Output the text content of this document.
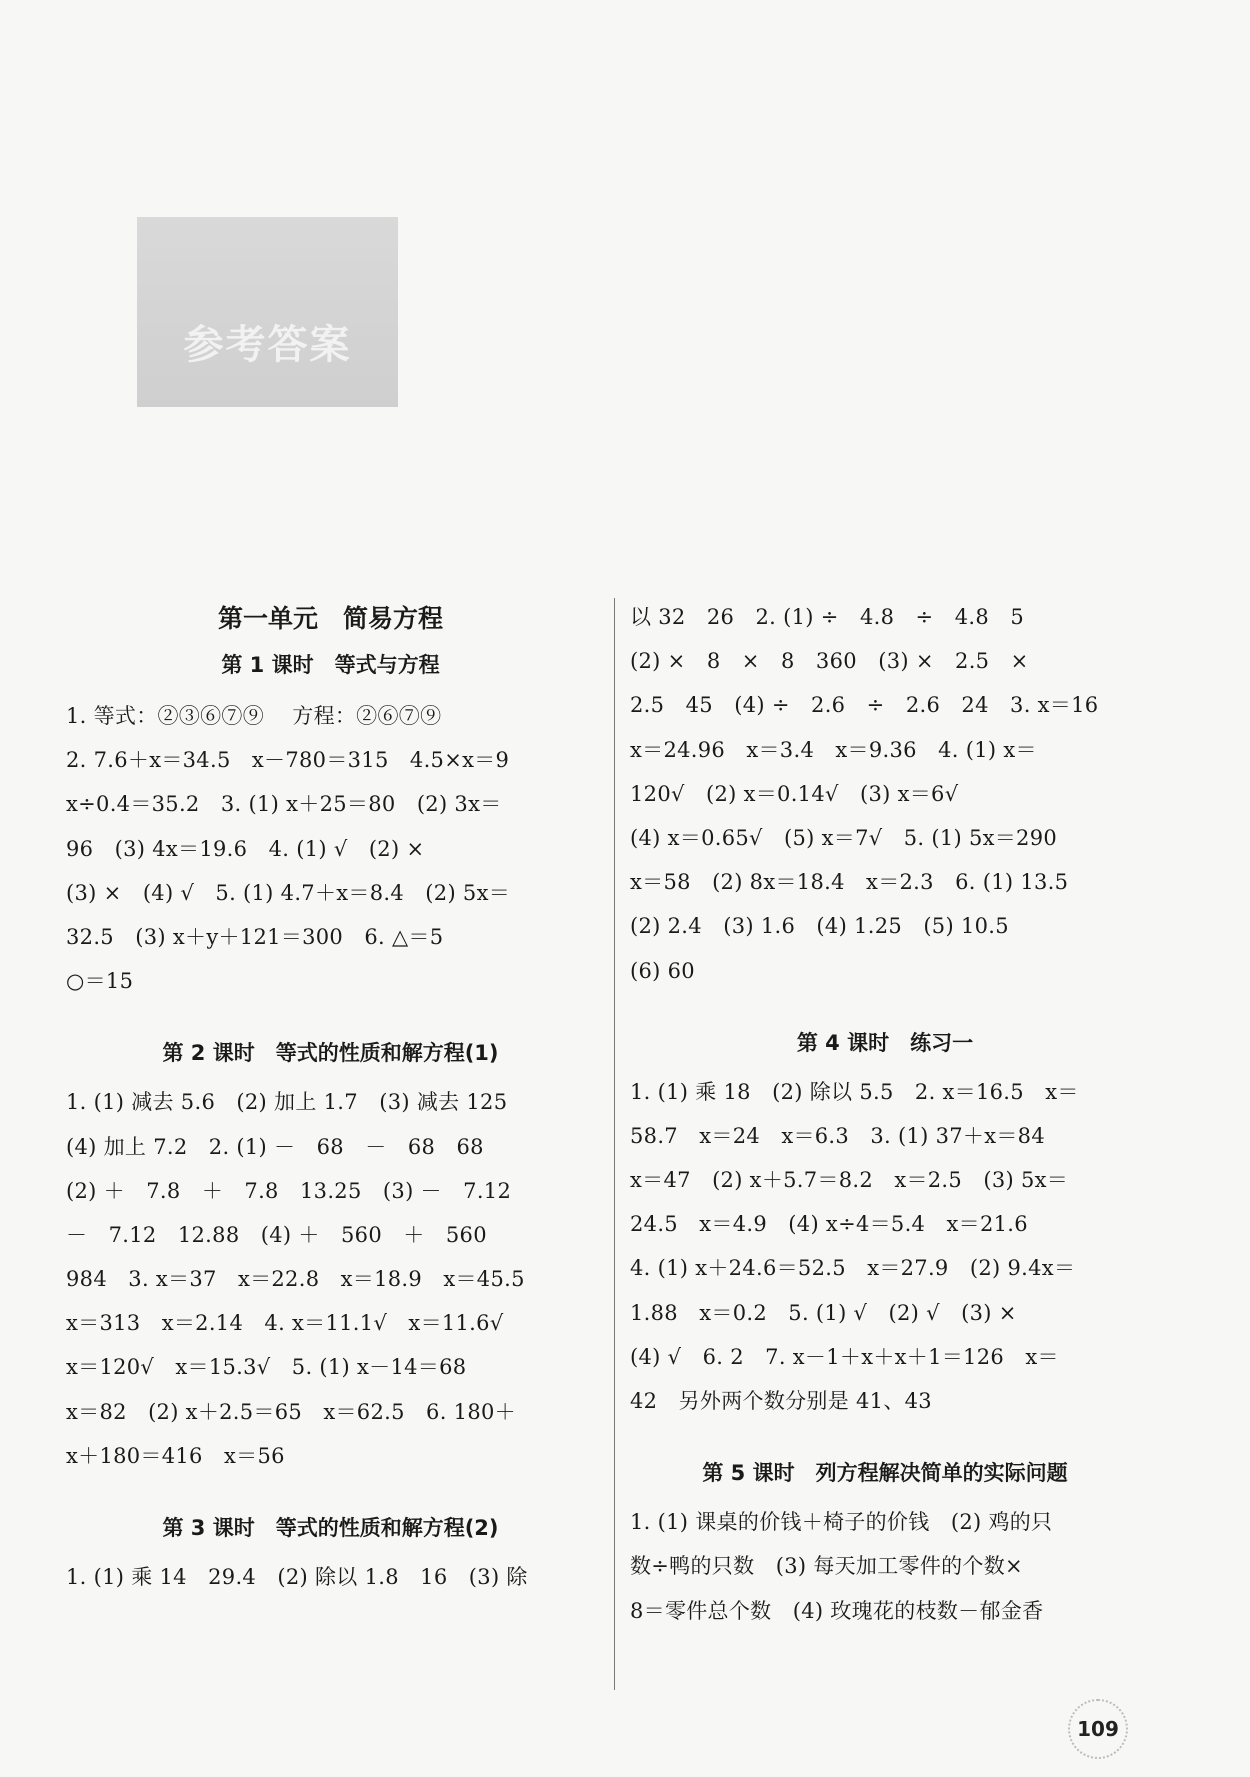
参考答案
第一单元　简易方程
第 1 课时　等式与方程
1. 等式：②③⑥⑦⑨　 方程：②⑥⑦⑨
2. 7.6＋x＝34.5　x－780＝315　4.5×x＝9
x÷0.4＝35.2　3. (1) x＋25＝80　(2) 3x＝
96　(3) 4x＝19.6　4. (1) √　(2) ×
(3) ×　(4) √　5. (1) 4.7＋x＝8.4　(2) 5x＝
32.5　(3) x＋y＋121＝300　6. △＝5
○＝15
第 2 课时　等式的性质和解方程(1)
1. (1) 减去 5.6　(2) 加上 1.7　(3) 减去 125
(4) 加上 7.2　2. (1) －　68　－　68　68
(2) ＋　7.8　＋　7.8　13.25　(3) －　7.12
－　7.12　12.88　(4) ＋　560　＋　560
984　3. x＝37　x＝22.8　x＝18.9　x＝45.5
x＝313　x＝2.14　4. x＝11.1√　x＝11.6√
x＝120√　x＝15.3√　5. (1) x－14＝68
x＝82　(2) x＋2.5＝65　x＝62.5　6. 180＋
x＋180＝416　x＝56
第 3 课时　等式的性质和解方程(2)
1. (1) 乘 14　29.4　(2) 除以 1.8　16　(3) 除
以 32　26　2. (1) ÷　4.8　÷　4.8　5
(2) ×　8　×　8　360　(3) ×　2.5　×
2.5　45　(4) ÷　2.6　÷　2.6　24　3. x＝16
x＝24.96　x＝3.4　x＝9.36　4. (1) x＝
120√　(2) x＝0.14√　(3) x＝6√
(4) x＝0.65√　(5) x＝7√　5. (1) 5x＝290
x＝58　(2) 8x＝18.4　x＝2.3　6. (1) 13.5
(2) 2.4　(3) 1.6　(4) 1.25　(5) 10.5
(6) 60
第 4 课时　练习一
1. (1) 乘 18　(2) 除以 5.5　2. x＝16.5　x＝
58.7　x＝24　x＝6.3　3. (1) 37＋x＝84
x＝47　(2) x＋5.7＝8.2　x＝2.5　(3) 5x＝
24.5　x＝4.9　(4) x÷4＝5.4　x＝21.6
4. (1) x＋24.6＝52.5　x＝27.9　(2) 9.4x＝
1.88　x＝0.2　5. (1) √　(2) √　(3) ×
(4) √　6. 2　7. x－1＋x＋x＋1＝126　x＝
42　另外两个数分别是 41、43
第 5 课时　列方程解决简单的实际问题
1. (1) 课桌的价钱＋椅子的价钱　(2) 鸡的只
数÷鸭的只数　(3) 每天加工零件的个数×
8＝零件总个数　(4) 玫瑰花的枝数－郁金香
109
